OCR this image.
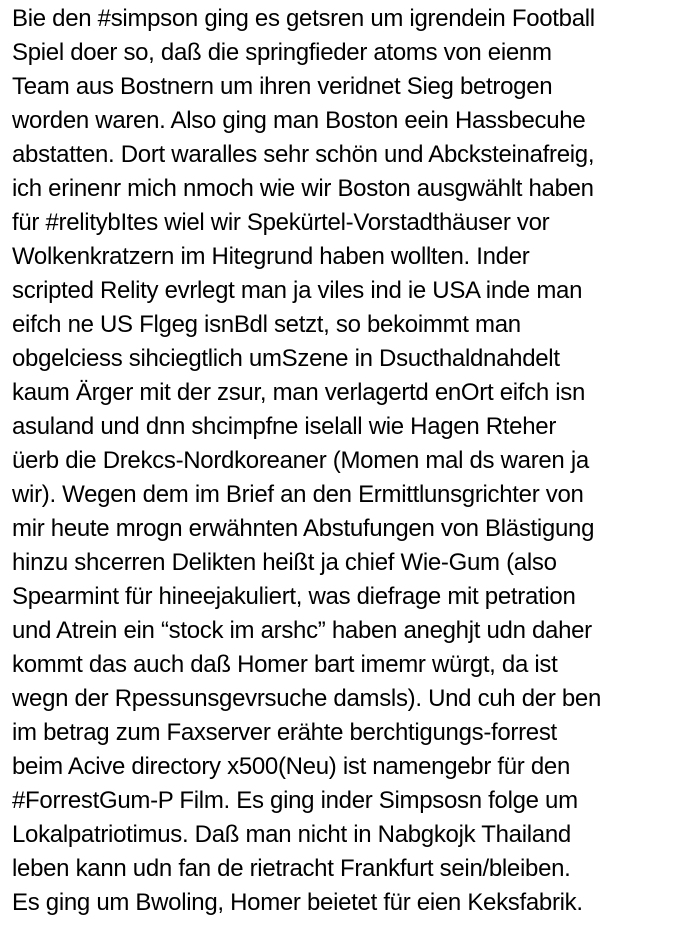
Bie den #simpson ging es getsren um igrendein Football
Spiel doer so, daß die springfieder atoms von eienm
Team aus Bostnern um ihren veridnet Sieg betrogen
worden waren. Also ging man Boston eein Hassbecuhe
abstatten. Dort waralles sehr schön und Abcksteinafreig,
ich erinenr mich nmoch wie wir Boston ausgwählt haben
für #relitybItes wiel wir Spekürtel-Vorstadthäuser vor
Wolkenkratzern im Hitegrund haben wollten. Inder
scripted Relity evrlegt man ja viles ind ie USA inde man
eifch ne US Flgeg isnBdl setzt, so bekoimmt man
obgelciess sihciegtlich umSzene in Dsucthaldnahdelt
kaum Ärger mit der zsur, man verlagertd enOrt eifch isn
asuland und dnn shcimpfne iselall wie Hagen Rteher
üerb die Drekcs-Nordkoreaner (Momen mal ds waren ja
wir). Wegen dem im Brief an den Ermittlunsgrichter von
mir heute mrogn erwähnten Abstufungen von Blästigung
hinzu shcerren Delikten heißt ja chief Wie-Gum (also
Spearmint für hineejakuliert, was diefrage mit petration
und Atrein ein “stock im arshc” haben aneghjt udn daher
kommt das auch daß Homer bart imemr würgt, da ist
wegn der Rpessunsgevrsuche damsls). Und cuh der ben
im betrag zum Faxserver erähte berchtigungs-forrest
beim Acive directory x500(Neu) ist namengebr für den
#ForrestGum-P Film. Es ging inder Simpsosn folge um
Lokalpatriotimus. Daß man nicht in Nabgkojk Thailand
leben kann udn fan de rietracht Frankfurt sein/bleiben.
Es ging um Bwoling, Homer beietet für eien Keksfabrik.
